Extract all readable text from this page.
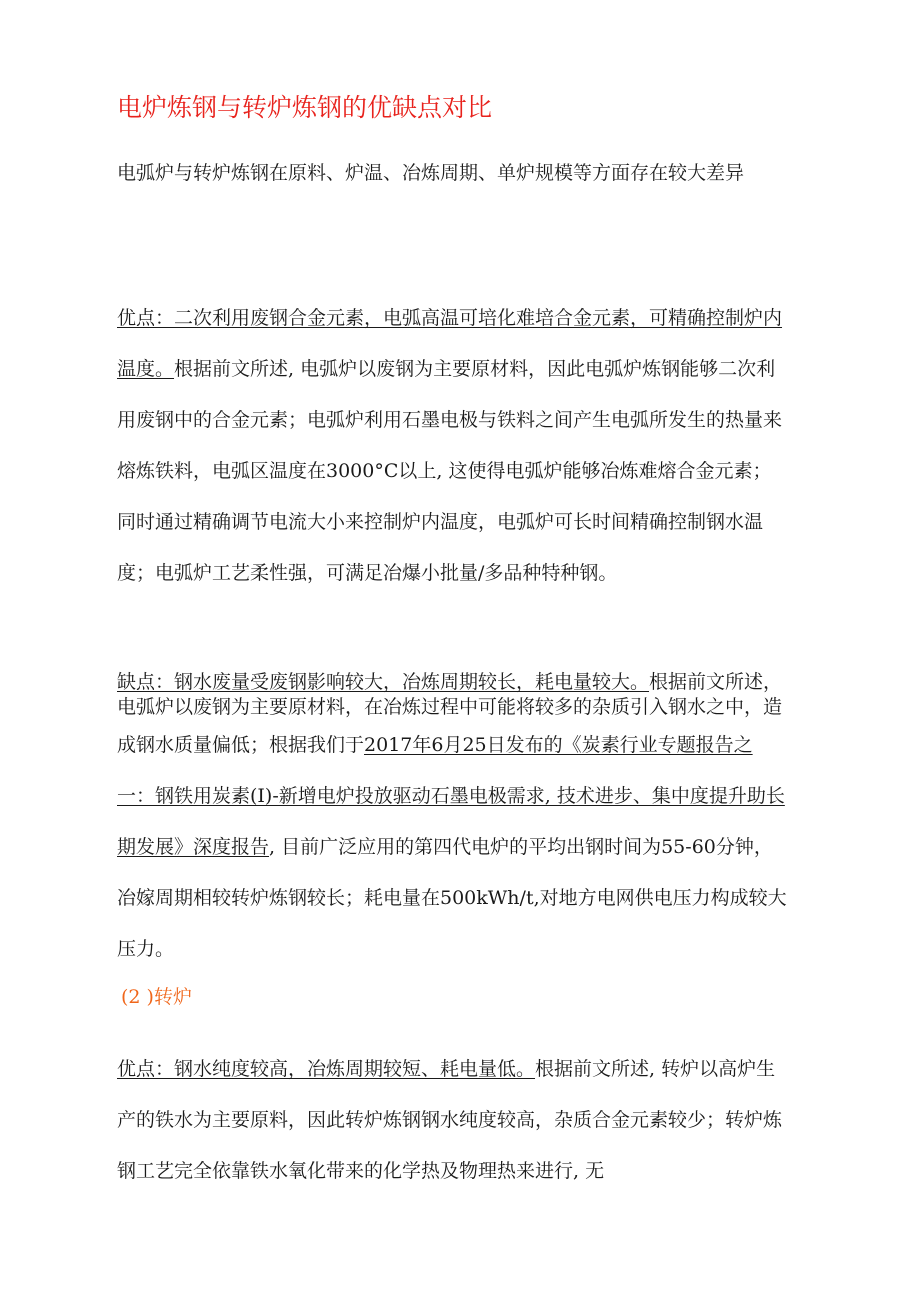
电炉炼钢与转炉炼钢的优缺点对比

电弧炉与转炉炼钢在原料、炉温、冶炼周期、单炉规模等方面存在较大差异

优点：二次利用废钢合金元素，电弧高温可培化难培合金元素，可精确控制炉内温度。根据前文所述, 电弧炉以废钢为主要原材料，因此电弧炉炼钢能够二次利用废钢中的合金元素；电弧炉利用石墨电极与铁料之间产生电弧所发生的热量来熔炼铁料，电弧区温度在3000°C以上, 这使得电弧炉能够冶炼难熔合金元素；同时通过精确调节电流大小来控制炉内温度，电弧炉可长时间精确控制钢水温度；电弧炉工艺柔性强，可满足冶爆小批量/多品种特种钢。

缺点：钢水废量受废钢影响较大，冶炼周期较长，耗电量较大。根据前文所述，电弧炉以废钢为主要原材料，在冶炼过程中可能将较多的杂质引入钢水之中，造成钢水质量偏低；根据我们于2017年6月25日发布的《炭素行业专题报告之一：钢铁用炭素(I)-新增电炉投放驱动石墨电极需求, 技术进步、集中度提升助长期发展》深度报告, 目前广泛应用的第四代电炉的平均出钢时间为55-60分钟，冶嫁周期相较转炉炼钢较长；耗电量在500kWh/t,对地方电网供电压力构成较大压力。

(2 )转炉

优点：钢水纯度较高，冶炼周期较短、耗电量低。根据前文所述, 转炉以高炉生产的铁水为主要原料，因此转炉炼钢钢水纯度较高，杂质合金元素较少；转炉炼钢工艺完全依靠铁水氧化带来的化学热及物理热来进行, 无
